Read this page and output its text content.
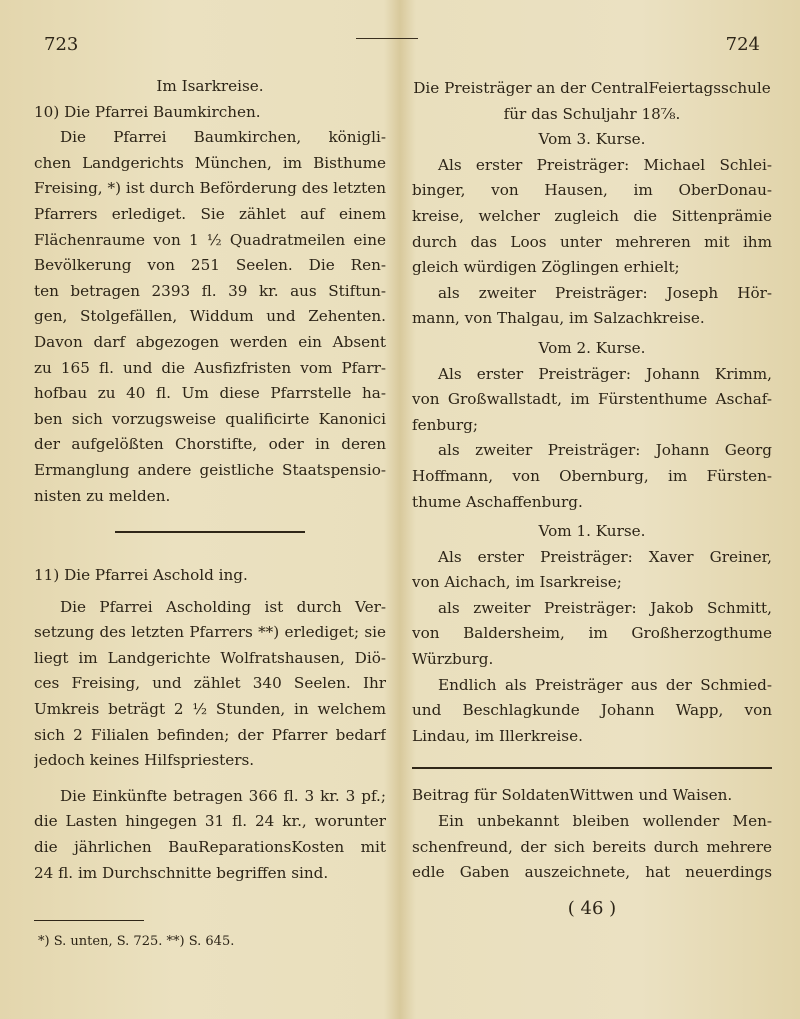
723
Im Isarkreise.
10) Die Pfarrei Baumkirchen.
Die Pfarrei Baumkirchen, königli-
chen Landgerichts München, im Bisthume
Freising, *) ist durch Beförderung des letzten
Pfarrers erlediget. Sie zählet auf einem
Flächenraume von 1 ½ Quadratmeilen eine
Bevölkerung von 251 Seelen. Die Ren-
ten betragen 2393 fl. 39 kr. aus Stiftun-
gen, Stolgefällen, Widdum und Zehenten.
Davon darf abgezogen werden ein Absent
zu 165 fl. und die Ausfizfristen vom Pfarr-
hofbau zu 40 fl. Um diese Pfarrstelle ha-
ben sich vorzugsweise qualificirte Kanonici
der aufgelößten Chorstifte, oder in deren
Ermanglung andere geistliche Staatspensio-
nisten zu melden.
11) Die Pfarrei Aschold ing.
Die Pfarrei Ascholding ist durch Ver-
setzung des letzten Pfarrers **) erlediget; sie
liegt im Landgerichte Wolfratshausen, Diö-
ces Freising, und zählet 340 Seelen. Ihr
Umkreis beträgt 2 ½ Stunden, in welchem
sich 2 Filialen befinden; der Pfarrer bedarf
jedoch keines Hilfspriesters.
Die Einkünfte betragen 366 fl. 3 kr. 3 pf.;
die Lasten hingegen 31 fl. 24 kr., worunter
die jährlichen BauReparationsKosten mit
24 fl. im Durchschnitte begriffen sind.
*) S. unten, S. 725. **) S. 645.
724
Die Preisträger an der CentralFeiertagsschule
für das Schuljahr 18⅞.
Vom 3. Kurse.
Als erster Preisträger: Michael Schlei-
binger, von Hausen, im OberDonau-
kreise, welcher zugleich die Sittenprämie
durch das Loos unter mehreren mit ihm
gleich würdigen Zöglingen erhielt;
als zweiter Preisträger: Joseph Hör-
mann, von Thalgau, im Salzachkreise.
Vom 2. Kurse.
Als erster Preisträger: Johann Krimm,
von Großwallstadt, im Fürstenthume Aschaf-
fenburg;
als zweiter Preisträger: Johann Georg
Hoffmann, von Obernburg, im Fürsten-
thume Aschaffenburg.
Vom 1. Kurse.
Als erster Preisträger: Xaver Greiner,
von Aichach, im Isarkreise;
als zweiter Preisträger: Jakob Schmitt,
von Baldersheim, im Großherzogthume
Würzburg.
Endlich als Preisträger aus der Schmied-
und Beschlagkunde Johann Wapp, von
Lindau, im Illerkreise.
Beitrag für SoldatenWittwen und Waisen.
Ein unbekannt bleiben wollender Men-
schenfreund, der sich bereits durch mehrere
edle Gaben auszeichnete, hat neuerdings
( 46 )
